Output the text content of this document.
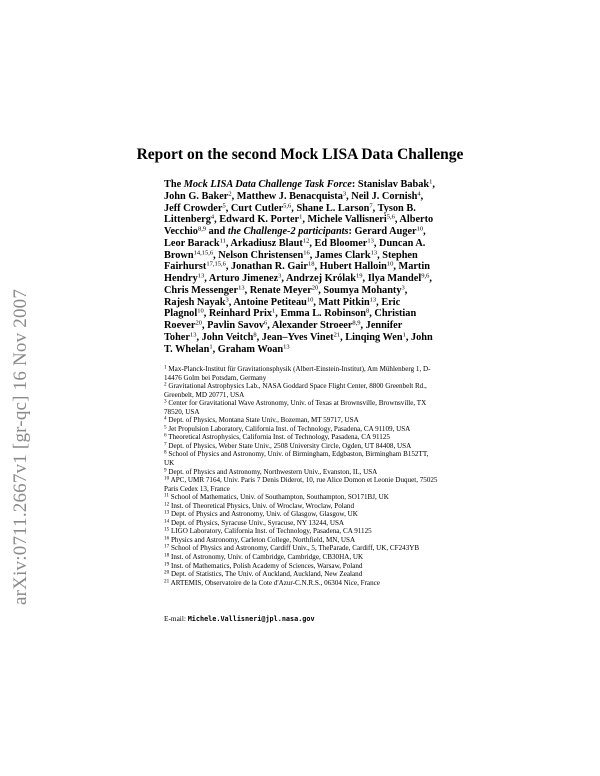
arXiv:0711.2667v1 [gr-qc] 16 Nov 2007
Report on the second Mock LISA Data Challenge
The Mock LISA Data Challenge Task Force: Stanislav Babak$^1$, John G. Baker$^2$, Matthew J. Benacquista$^3$, Neil J. Cornish$^4$, Jeff Crowder$^5$, Curt Cutler$^{5,6}$, Shane L. Larson$^7$, Tyson B. Littenberg$^4$, Edward K. Porter$^1$, Michele Vallisneri$^{5,6}$, Alberto Vecchio$^{8,9}$ and the Challenge-2 participants: Gerard Auger$^{10}$, Leor Barack$^{11}$, Arkadiusz Blaut$^{12}$, Ed Bloomer$^{13}$, Duncan A. Brown$^{14,15,6}$, Nelson Christensen$^{16}$, James Clark$^{13}$, Stephen Fairhurst$^{17,15,6}$, Jonathan R. Gair$^{18}$, Hubert Halloin$^{10}$, Martin Hendry$^{13}$, Arturo Jimenez$^3$, Andrzej Królak$^{19}$, Ilya Mandel$^{9,6}$, Chris Messenger$^{13}$, Renate Meyer$^{20}$, Soumya Mohanty$^3$, Rajesh Nayak$^3$, Antoine Petiteau$^{10}$, Matt Pitkin$^{13}$, Eric Plagnol$^{10}$, Reinhard Prix$^1$, Emma L. Robinson$^8$, Christian Roever$^{20}$, Pavlin Savov$^6$, Alexander Stroeer$^{8,9}$, Jennifer Toher$^{13}$, John Veitch$^8$, Jean–Yves Vinet$^{21}$, Linqing Wen$^1$, John T. Whelan$^1$, Graham Woan$^{13}$
$^1$ Max-Planck-Institut für Gravitationsphysik (Albert-Einstein-Institut), Am Mühlenberg 1, D-14476 Golm bei Potsdam, Germany
$^2$ Gravitational Astrophysics Lab., NASA Goddard Space Flight Center, 8800 Greenbelt Rd., Greenbelt, MD 20771, USA
$^3$ Center for Gravitational Wave Astronomy, Univ. of Texas at Brownsville, Brownsville, TX 78520, USA
$^4$ Dept. of Physics, Montana State Univ., Bozeman, MT 59717, USA
$^5$ Jet Propulsion Laboratory, California Inst. of Technology, Pasadena, CA 91109, USA
$^6$ Theoretical Astrophysics, California Inst. of Technology, Pasadena, CA 91125
$^7$ Dept. of Physics, Weber State Univ., 2508 University Circle, Ogden, UT 84408, USA
$^8$ School of Physics and Astronomy, Univ. of Birmingham, Edgbaston, Birmingham B152TT, UK
$^9$ Dept. of Physics and Astronomy, Northwestern Univ., Evanston, IL, USA
$^{10}$ APC, UMR 7164, Univ. Paris 7 Denis Diderot, 10, rue Alice Domon et Leonie Duquet, 75025 Paris Cedex 13, France
$^{11}$ School of Mathematics, Univ. of Southampton, Southampton, SO171BJ, UK
$^{12}$ Inst. of Theoretical Physics, Univ. of Wroclaw, Wroclaw, Poland
$^{13}$ Dept. of Physics and Astronomy, Univ. of Glasgow, Glasgow, UK
$^{14}$ Dept. of Physics, Syracuse Univ., Syracuse, NY 13244, USA
$^{15}$ LIGO Laboratory, California Inst. of Technology, Pasadena, CA 91125
$^{16}$ Physics and Astronomy, Carleton College, Northfield, MN, USA
$^{17}$ School of Physics and Astronomy, Cardiff Univ., 5, TheParade, Cardiff, UK, CF243YB
$^{18}$ Inst. of Astronomy, Univ. of Cambridge, Cambridge, CB30HA, UK
$^{19}$ Inst. of Mathematics, Polish Academy of Sciences, Warsaw, Poland
$^{20}$ Dept. of Statistics, The Univ. of Auckland, Auckland, New Zealand
$^{21}$ ARTEMIS, Observatoire de la Cote d'Azur-C.N.R.S., 06304 Nice, France
E-mail: Michele.Vallisneri@jpl.nasa.gov
